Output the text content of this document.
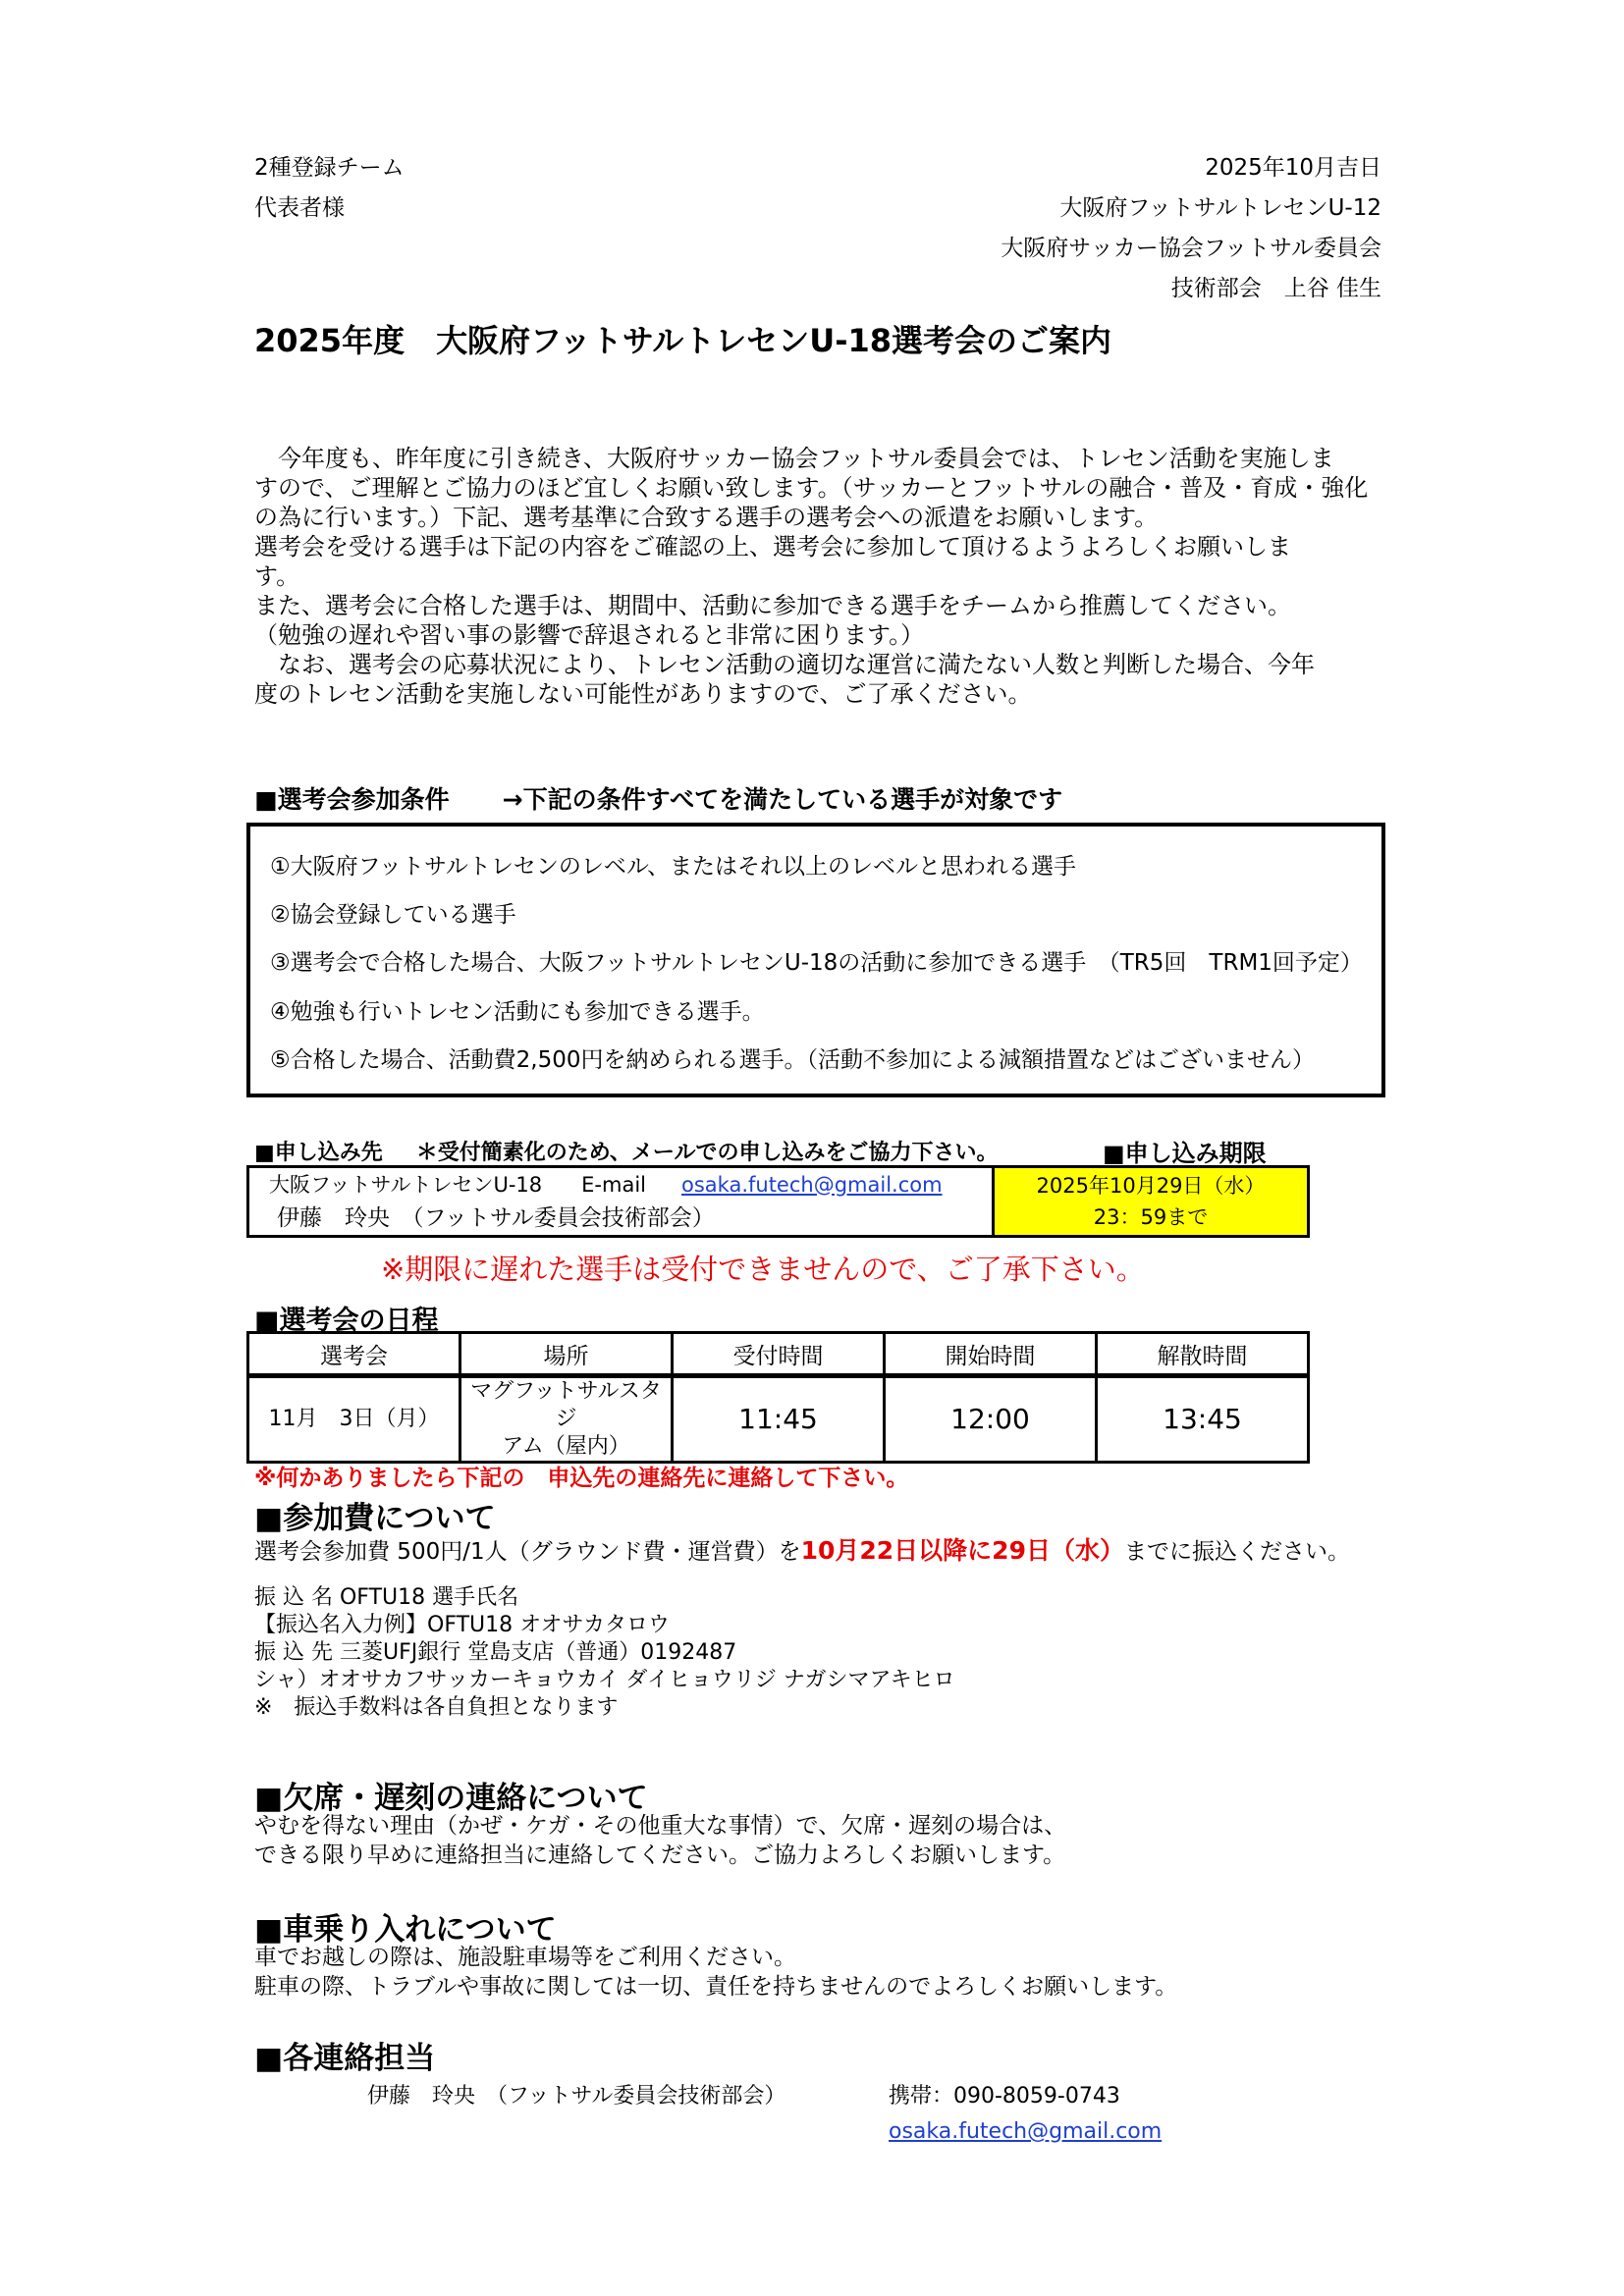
2種登録チーム
代表者様
2025年10月吉日
大阪府フットサルトレセンU-12
大阪府サッカー協会フットサル委員会
技術部会　上谷 佳生
2025年度　大阪府フットサルトレセンU-18選考会のご案内
　今年度も、昨年度に引き続き、大阪府サッカー協会フットサル委員会では、トレセン活動を実施しま
すので、ご理解とご協力のほど宜しくお願い致します。（サッカーとフットサルの融合・普及・育成・強化
の為に行います。）下記、選考基準に合致する選手の選考会への派遣をお願いします。
選考会を受ける選手は下記の内容をご確認の上、選考会に参加して頂けるようよろしくお願いしま
す。
また、選考会に合格した選手は、期間中、活動に参加できる選手をチームから推薦してください。
（勉強の遅れや習い事の影響で辞退されると非常に困ります。）
　なお、選考会の応募状況により、トレセン活動の適切な運営に満たない人数と判断した場合、今年
度のトレセン活動を実施しない可能性がありますので、ご了承ください。
■選考会参加条件 →下記の条件すべてを満たしている選手が対象です
①大阪府フットサルトレセンのレベル、またはそれ以上のレベルと思われる選手
②協会登録している選手
③選考会で合格した場合、大阪フットサルトレセンU-18の活動に参加できる選手　（TR5回　TRM1回予定）
④勉強も行いトレセン活動にも参加できる選手。
⑤合格した場合、活動費2,500円を納められる選手。（活動不参加による減額措置などはございません）
■申し込み先 ＊受付簡素化のため、メールでの申し込みをご協力下さい。	■申し込み期限
大阪フットサルトレセンU-18 E-mail osaka.futech@gmail.com
伊藤　玲央　（フットサル委員会技術部会）

2025年10月29日（水）
23：59まで
※期限に遅れた選手は受付できませんので、ご了承下さい。
■選考会の日程
選考会	場所	受付時間	開始時間	解散時間
11月　3日（月）	マグフットサルスタジ
アム（屋内）	11:45	12:00	13:45
※何かありましたら下記の　申込先の連絡先に連絡して下さい。
■参加費について
選考会参加費 500円/1人（グラウンド費・運営費）を10月22日以降に29日（水）までに振込ください。
振 込 名 OFTU18 選手氏名
【振込名入力例】OFTU18 オオサカタロウ
振 込 先 三菱UFJ銀行 堂島支店（普通）0192487
シャ）オオサカフサッカーキョウカイ ダイヒョウリジ ナガシマアキヒロ
※　振込手数料は各自負担となります
■欠席・遅刻の連絡について
やむを得ない理由（かぜ・ケガ・その他重大な事情）で、欠席・遅刻の場合は、
できる限り早めに連絡担当に連絡してください。ご協力よろしくお願いします。
■車乗り入れについて
車でお越しの際は、施設駐車場等をご利用ください。
駐車の際、トラブルや事故に関しては一切、責任を持ちませんのでよろしくお願いします。
■各連絡担当
伊藤　玲央　（フットサル委員会技術部会）	携帯：090-8059-0743
osaka.futech@gmail.com
